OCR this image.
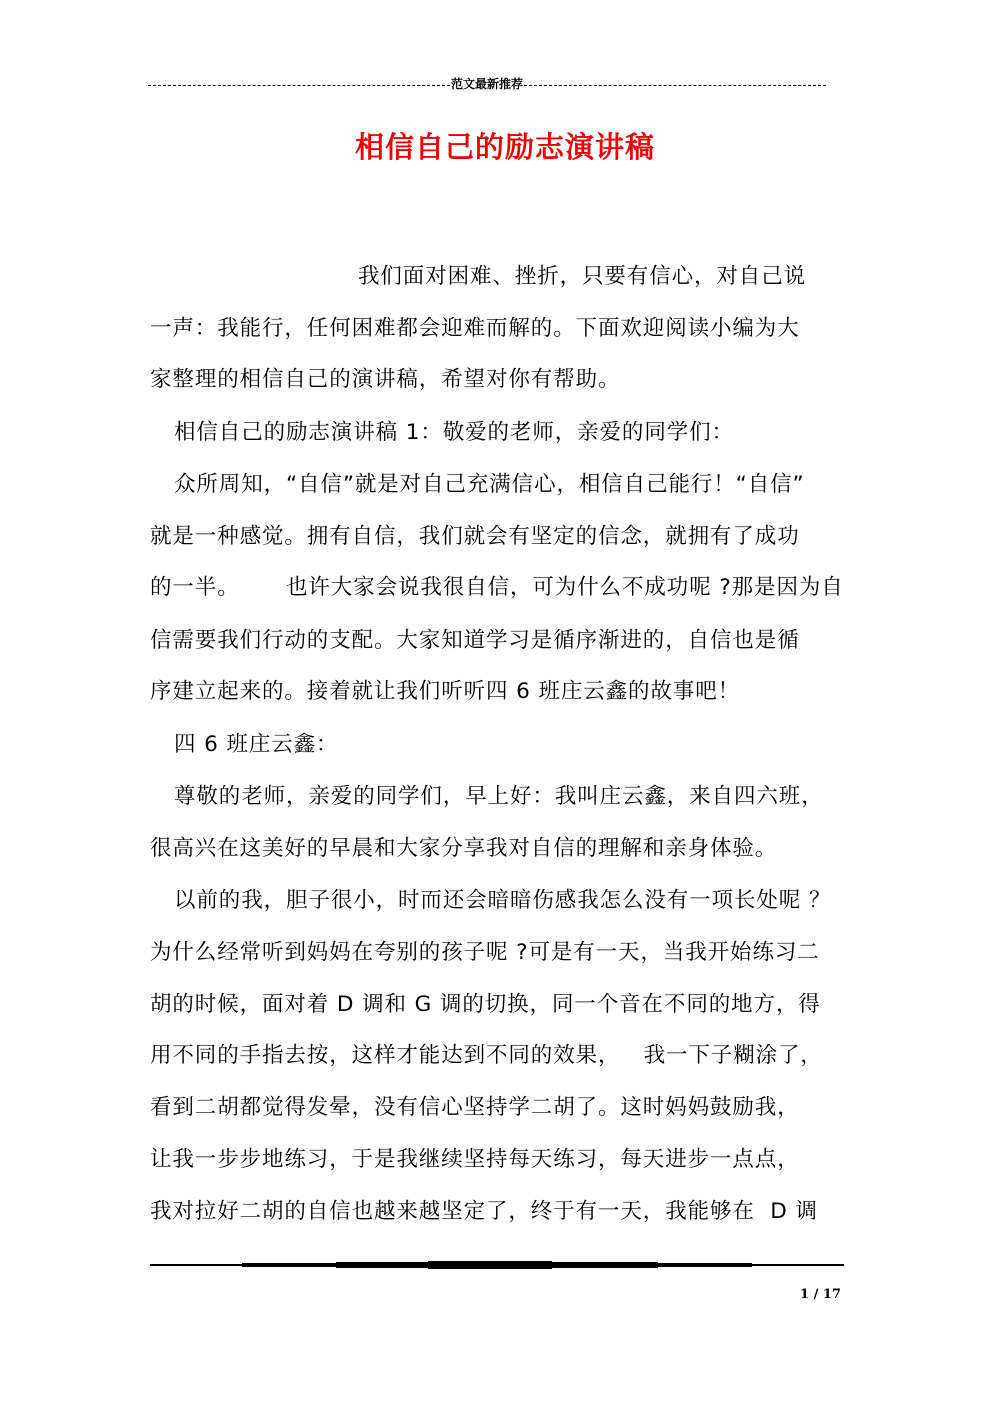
范文最新推荐
相信自己的励志演讲稿
我们面对困难、挫折，只要有信心，对自己说
一声：我能行，任何困难都会迎难而解的。下面欢迎阅读小编为大
家整理的相信自己的演讲稿，希望对你有帮助。
相信自己的励志演讲稿 1：敬爱的老师，亲爱的同学们：
众所周知，“自信”就是对自己充满信心，相信自己能行！“自信”
就是一种感觉。拥有自信，我们就会有坚定的信念，就拥有了成功
的一半。      也许大家会说我很自信，可为什么不成功呢 ?那是因为自
信需要我们行动的支配。大家知道学习是循序渐进的，自信也是循
序建立起来的。接着就让我们听听四 6 班庄云鑫的故事吧！
四 6 班庄云鑫：
尊敬的老师，亲爱的同学们，早上好：我叫庄云鑫，来自四六班，
很高兴在这美好的早晨和大家分享我对自信的理解和亲身体验。
以前的我，胆子很小，时而还会暗暗伤感我怎么没有一项长处呢 ？
为什么经常听到妈妈在夸别的孩子呢 ?可是有一天，当我开始练习二
胡的时候，面对着 D 调和 G 调的切换，同一个音在不同的地方，得
用不同的手指去按，这样才能达到不同的效果，   我一下子糊涂了，
看到二胡都觉得发晕，没有信心坚持学二胡了。这时妈妈鼓励我，
让我一步步地练习，于是我继续坚持每天练习，每天进步一点点，
我对拉好二胡的自信也越来越坚定了，终于有一天，我能够在  D 调
1 / 17
